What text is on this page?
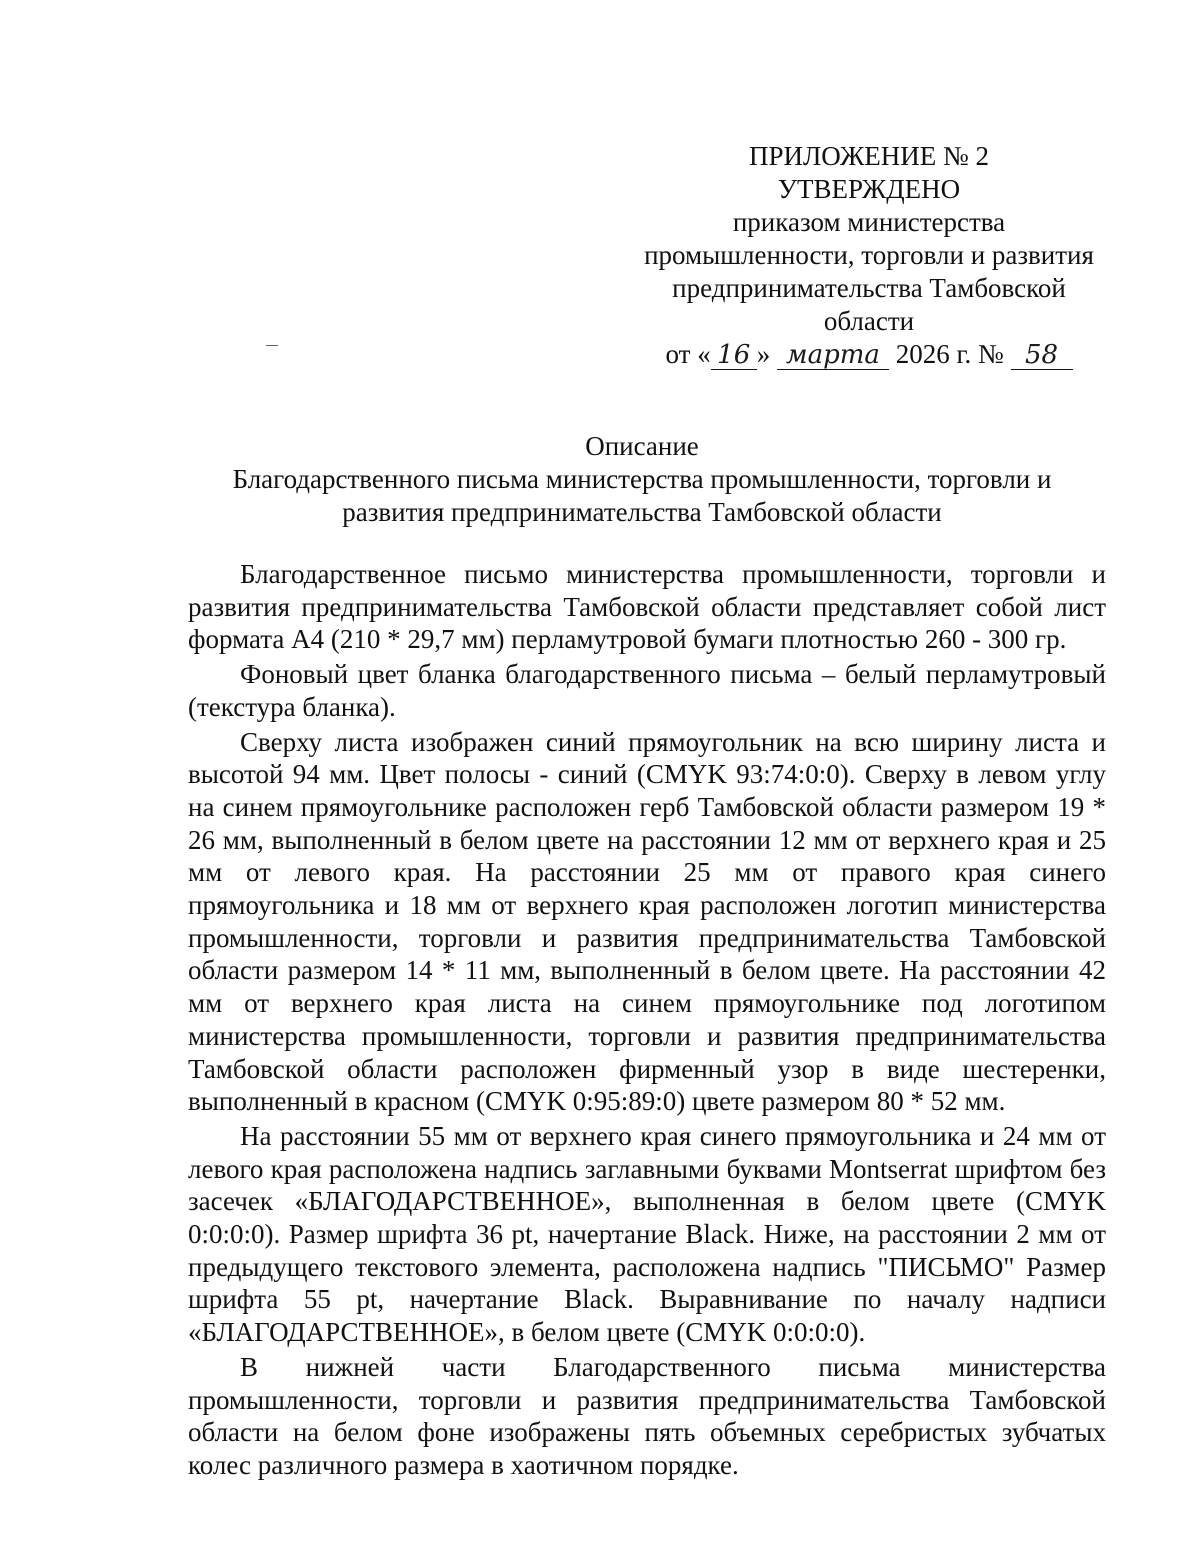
ПРИЛОЖЕНИЕ № 2
УТВЕРЖДЕНО
приказом министерства
промышленности, торговли и развития
предпринимательства Тамбовской
области
от « 16 » марта 2026 г. № 58
Описание
Благодарственного письма министерства промышленности, торговли и
развития предпринимательства Тамбовской области

Благодарственное письмо министерства промышленности, торговли и развития предпринимательства Тамбовской области представляет собой лист формата А4 (210 * 29,7 мм) перламутровой бумаги плотностью 260 - 300 гр.

Фоновый цвет бланка благодарственного письма – белый перламутровый (текстура бланка).

Сверху листа изображен синий прямоугольник на всю ширину листа и высотой 94 мм. Цвет полосы - синий (CMYK 93:74:0:0). Сверху в левом углу на синем прямоугольнике расположен герб Тамбовской области размером 19 * 26 мм, выполненный в белом цвете на расстоянии 12 мм от верхнего края и 25 мм от левого края. На расстоянии 25 мм от правого края синего прямоугольника и 18 мм от верхнего края расположен логотип министерства промышленности, торговли и развития предпринимательства Тамбовской области размером 14 * 11 мм, выполненный в белом цвете. На расстоянии 42 мм от верхнего края листа на синем прямоугольнике под логотипом министерства промышленности, торговли и развития предпринимательства Тамбовской области расположен фирменный узор в виде шестеренки, выполненный в красном (CMYK 0:95:89:0) цвете размером 80 * 52 мм.

На расстоянии 55 мм от верхнего края синего прямоугольника и 24 мм от левого края расположена надпись заглавными буквами Montserrat шрифтом без засечек «БЛАГОДАРСТВЕННОЕ», выполненная в белом цвете (CMYK 0:0:0:0). Размер шрифта 36 pt, начертание Black. Ниже, на расстоянии 2 мм от предыдущего текстового элемента, расположена надпись "ПИСЬМО" Размер шрифта 55 pt, начертание Black. Выравнивание по началу надписи «БЛАГОДАРСТВЕННОЕ», в белом цвете (CMYK 0:0:0:0).

В нижней части Благодарственного письма министерства промышленности, торговли и развития предпринимательства Тамбовской области на белом фоне изображены пять объемных серебристых зубчатых колес различного размера в хаотичном порядке.
